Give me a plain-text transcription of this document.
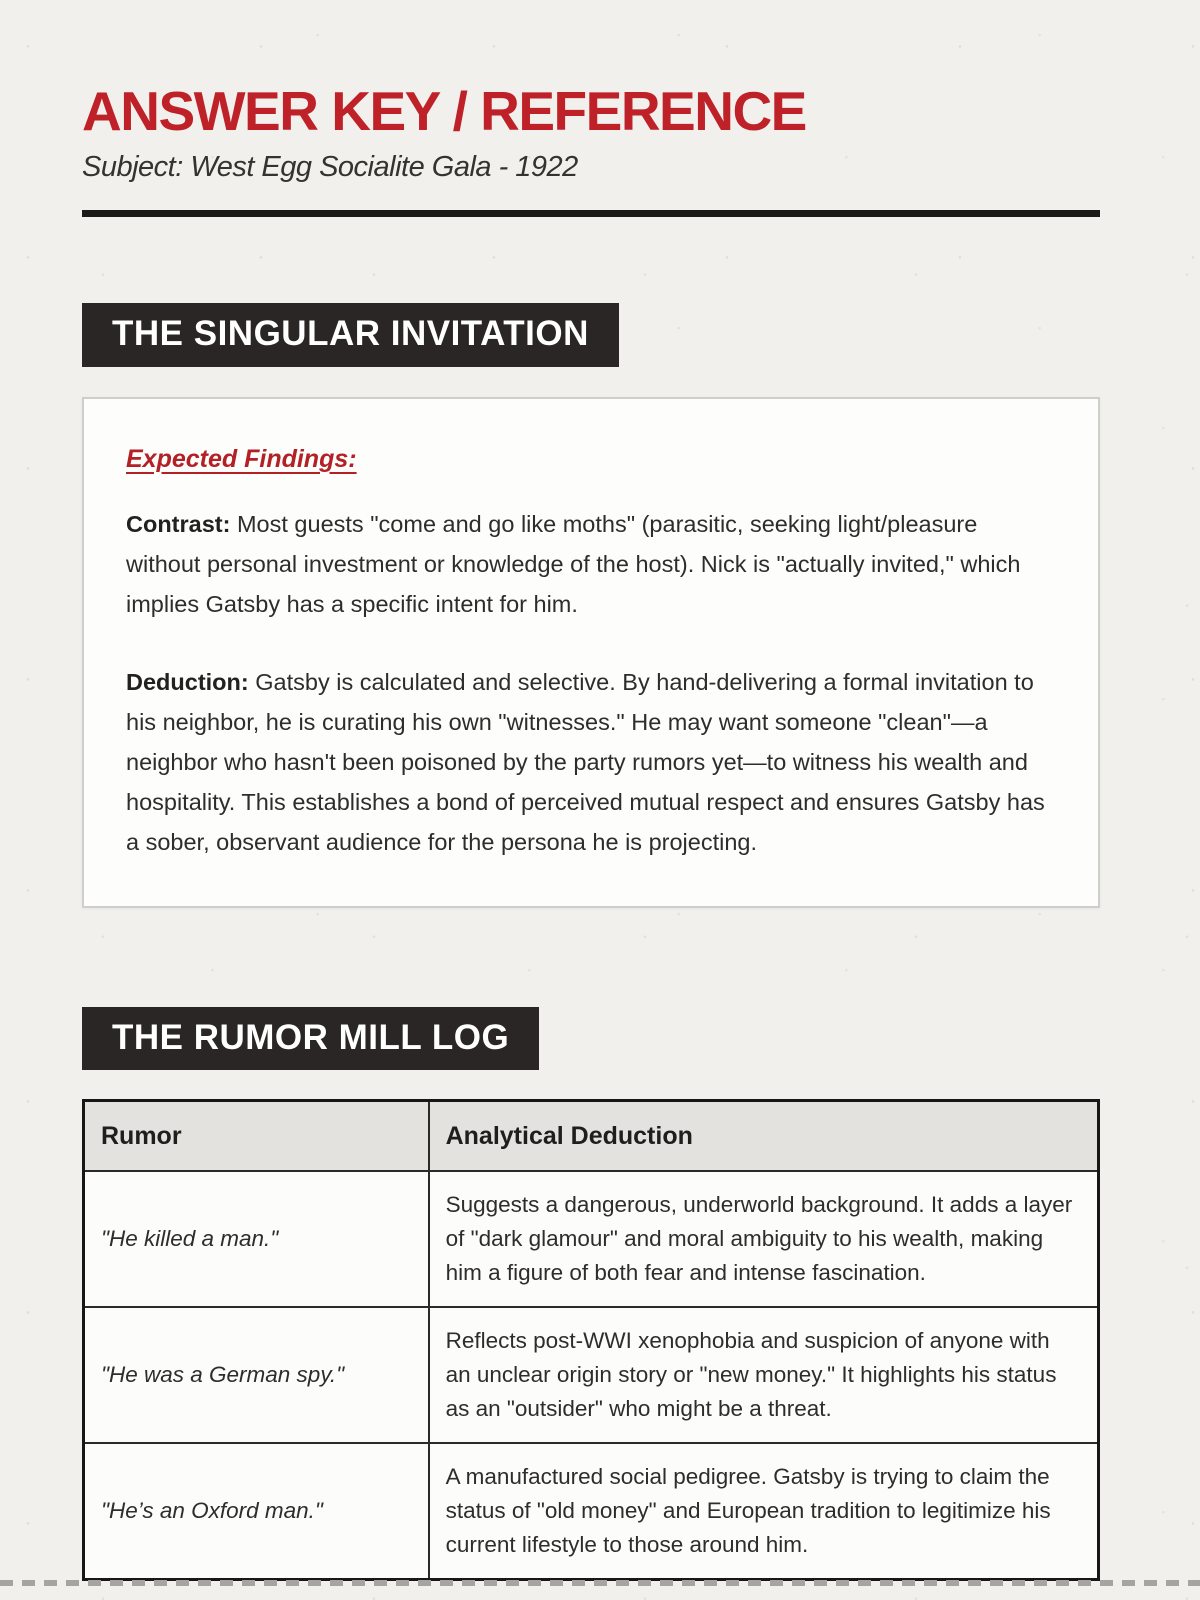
ANSWER KEY / REFERENCE
Subject: West Egg Socialite Gala - 1922
THE SINGULAR INVITATION
Expected Findings:

Contrast: Most guests "come and go like moths" (parasitic, seeking light/pleasure without personal investment or knowledge of the host). Nick is "actually invited," which implies Gatsby has a specific intent for him.

Deduction: Gatsby is calculated and selective. By hand-delivering a formal invitation to his neighbor, he is curating his own "witnesses." He may want someone "clean"—a neighbor who hasn't been poisoned by the party rumors yet—to witness his wealth and hospitality. This establishes a bond of perceived mutual respect and ensures Gatsby has a sober, observant audience for the persona he is projecting.

THE RUMOR MILL LOG
Rumor	Analytical Deduction
"He killed a man."	Suggests a dangerous, underworld background. It adds a layer of "dark glamour" and moral ambiguity to his wealth, making him a figure of both fear and intense fascination.
"He was a German spy."	Reflects post-WWI xenophobia and suspicion of anyone with an unclear origin story or "new money." It highlights his status as an "outsider" who might be a threat.
"He’s an Oxford man."	A manufactured social pedigree. Gatsby is trying to claim the status of "old money" and European tradition to legitimize his current lifestyle to those around him.
